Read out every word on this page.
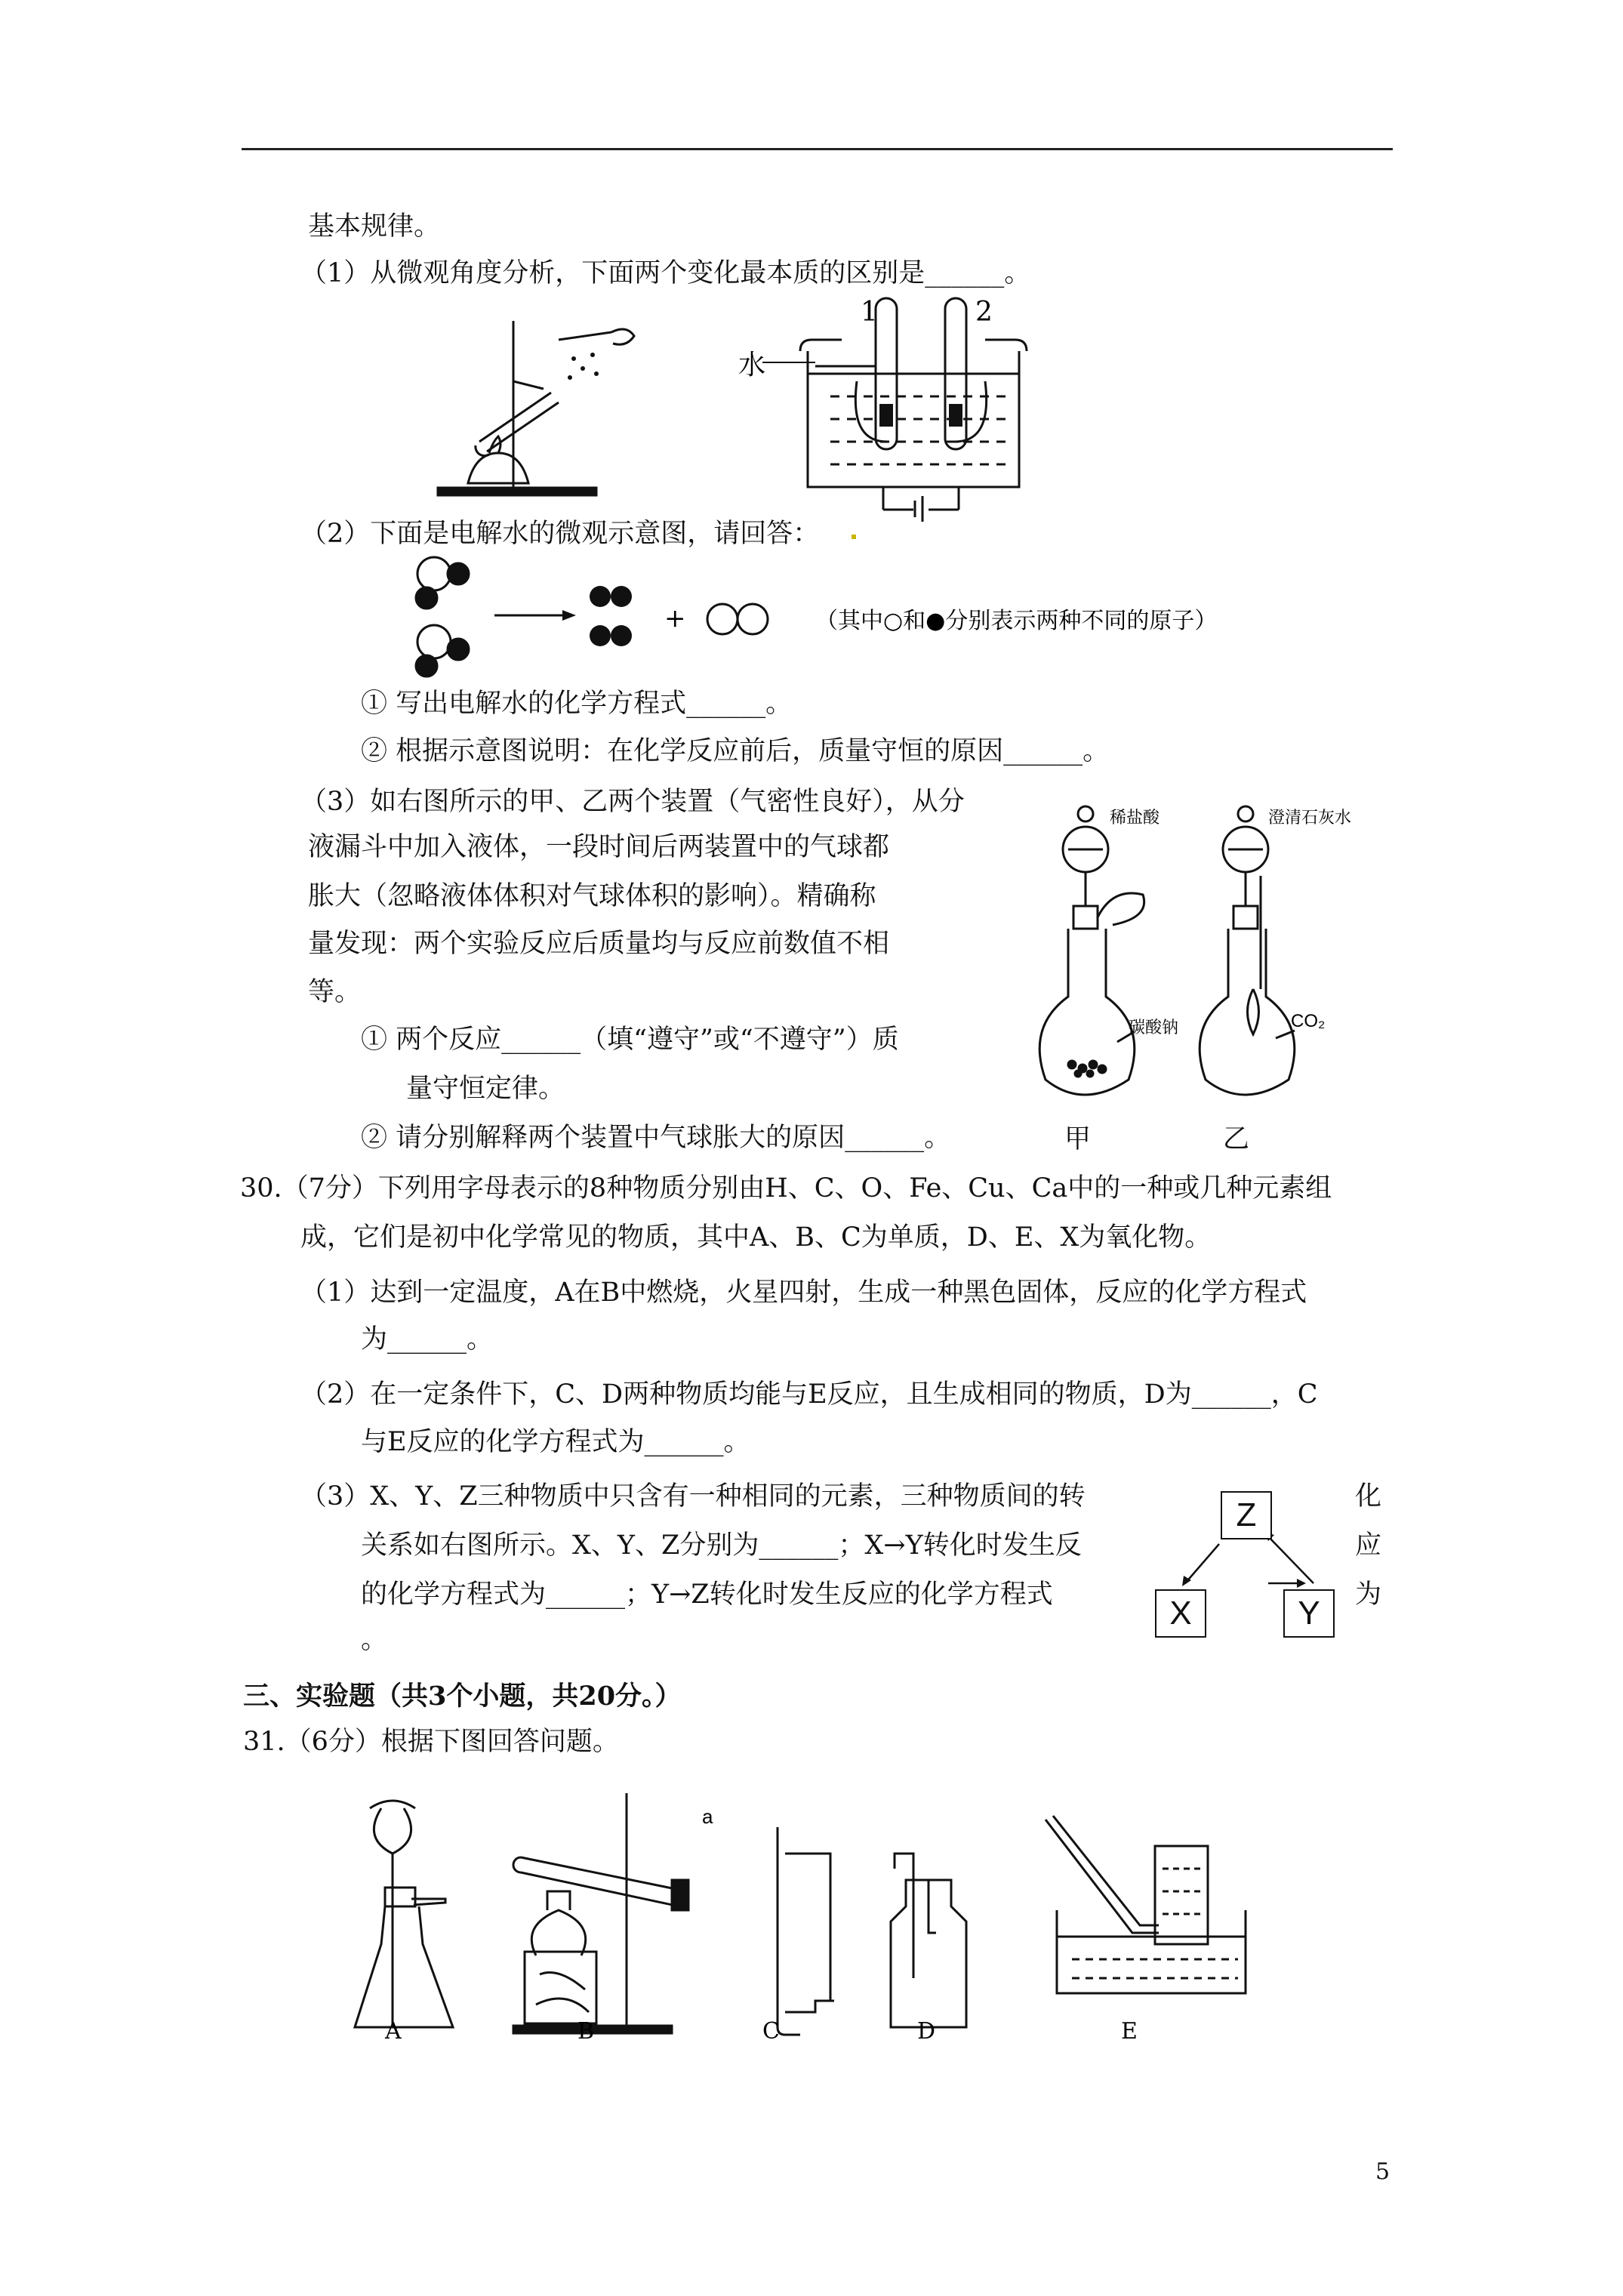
基本规律。
（1）从微观角度分析，下面两个变化最本质的区别是______。
1	2
水
（2）下面是电解水的微观示意图，请回答：
+	（其中○和●分别表示两种不同的原子）
① 写出电解水的化学方程式______。
② 根据示意图说明：在化学反应前后，质量守恒的原因______。
（3）如右图所示的甲、乙两个装置（气密性良好），从分
液漏斗中加入液体，一段时间后两装置中的气球都
胀大（忽略液体体积对气球体积的影响）。精确称
量发现：两个实验反应后质量均与反应前数值不相
等。
① 两个反应______（填“遵守”或“不遵守”）质
量守恒定律。
② 请分别解释两个装置中气球胀大的原因______。
稀盐酸	澄清石灰水
碳酸钠	CO₂
甲	乙
30.（7分）下列用字母表示的8种物质分别由H、C、O、Fe、Cu、Ca中的一种或几种元素组
成，它们是初中化学常见的物质，其中A、B、C为单质，D、E、X为氧化物。
（1）达到一定温度，A在B中燃烧，火星四射，生成一种黑色固体，反应的化学方程式
为______。
（2）在一定条件下，C、D两种物质均能与E反应，且生成相同的物质，D为______，C
与E反应的化学方程式为______。
（3）X、Y、Z三种物质中只含有一种相同的元素，三种物质间的转
关系如右图所示。X、Y、Z分别为______；X→Y转化时发生反
的化学方程式为______；Y→Z转化时发生反应的化学方程式
。
化
应
为
Z
X	Y
三、实验题（共3个小题，共20分。）
31.（6分）根据下图回答问题。
a
A	B	C	D	E
5
